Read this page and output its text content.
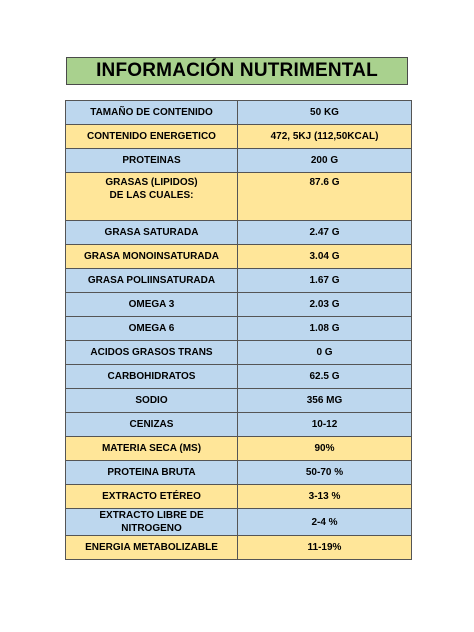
INFORMACIÓN NUTRIMENTAL
TAMAÑO DE CONTENIDO	50 KG
CONTENIDO ENERGETICO	472, 5KJ (112,50KCAL)
PROTEINAS	200 G

GRASAS (LIPIDOS)
DE LAS CUALES:	87.6 G
GRASA SATURADA	2.47 G
GRASA MONOINSATURADA	3.04 G
GRASA POLIINSATURADA	1.67 G
OMEGA 3	2.03 G
OMEGA 6	1.08 G
ACIDOS GRASOS TRANS	0 G
CARBOHIDRATOS	62.5 G
SODIO	356 MG
CENIZAS	10-12
MATERIA SECA (MS)	90%
PROTEINA BRUTA	50-70 %
EXTRACTO ETÉREO	3-13 %
EXTRACTO LIBRE DE NITROGENO	2-4 %
ENERGIA METABOLIZABLE	11-19%
